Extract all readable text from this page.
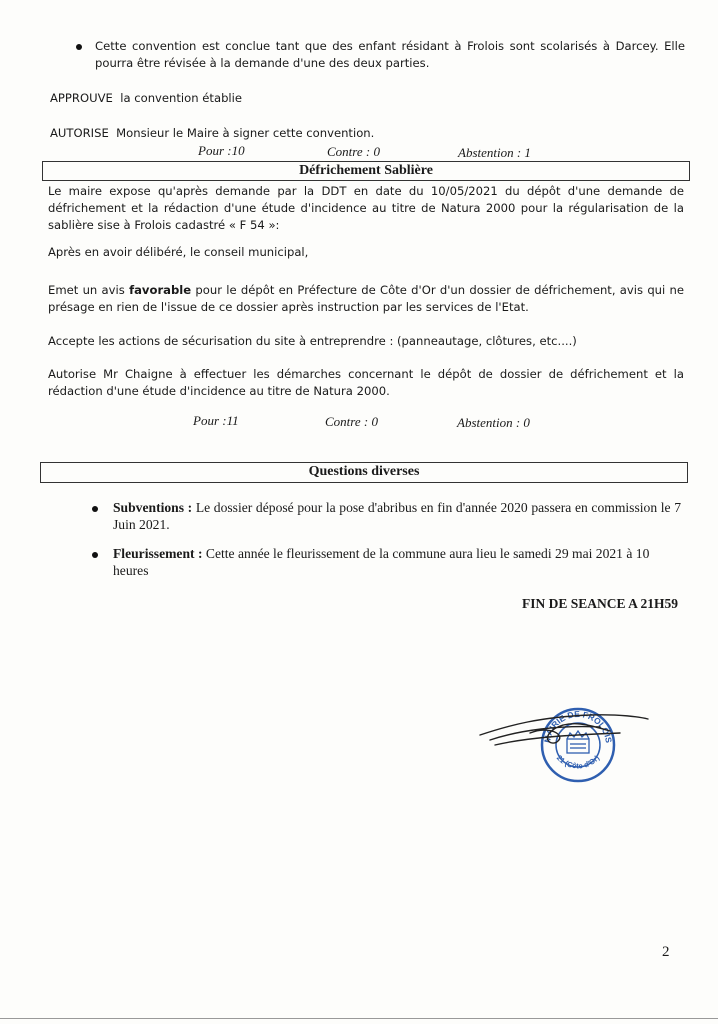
Cette convention est conclue tant que des enfant résidant à Frolois sont scolarisés à Darcey. Elle pourra être révisée à la demande d'une des deux parties.
APPROUVE la convention établie
AUTORISE Monsieur le Maire à signer cette convention.
Pour :10	Contre : 0	Abstention : 1
Défrichement Sablière
Le maire expose qu'après demande par la DDT en date du 10/05/2021 du dépôt d'une demande de défrichement et la rédaction d'une étude d'incidence au titre de Natura 2000 pour la régularisation de la sablière sise à Frolois cadastré « F 54 »:
Après en avoir délibéré, le conseil municipal,
Emet un avis favorable pour le dépôt en Préfecture de Côte d'Or d'un dossier de défrichement, avis qui ne présage en rien de l'issue de ce dossier après instruction par les services de l'Etat.
Accepte les actions de sécurisation du site à entreprendre : (panneautage, clôtures, etc....)
Autorise Mr Chaigne à effectuer les démarches concernant le dépôt de dossier de défrichement et la rédaction d'une étude d'incidence au titre de Natura 2000.
Pour :11	Contre : 0	Abstention : 0
Questions diverses
Subventions : Le dossier déposé pour la pose d'abribus en fin d'année 2020 passera en commission le 7 Juin 2021.
Fleurissement : Cette année le fleurissement de la commune aura lieu le samedi 29 mai 2021 à 10 heures
FIN DE SEANCE A 21H59
MAIRIE DE FROLOIS
21 (Côte d'Or)
2
